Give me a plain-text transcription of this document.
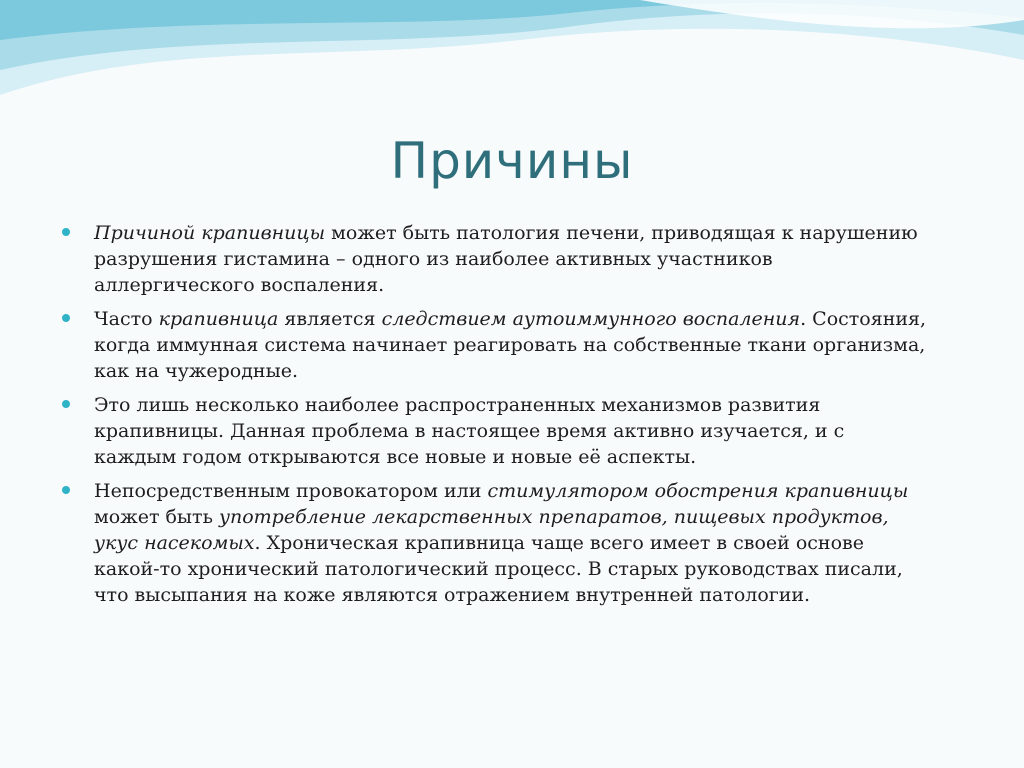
Причины
Причиной крапивницы может быть патология печени, приводящая к нарушению разрушения гистамина – одного из наиболее активных участников аллергического воспаления.
Часто крапивница является следствием аутоиммунного воспаления. Состояния, когда иммунная система начинает реагировать на собственные ткани организма, как на чужеродные.
Это лишь несколько наиболее распространенных механизмов развития крапивницы. Данная проблема в настоящее время активно изучается, и с каждым годом открываются все новые и новые её аспекты.
Непосредственным провокатором или стимулятором обострения крапивницы может быть употребление лекарственных препаратов, пищевых продуктов, укус насекомых. Хроническая крапивница чаще всего имеет в своей основе какой-то хронический патологический процесс. В старых руководствах писали, что высыпания на коже являются отражением внутренней патологии.
